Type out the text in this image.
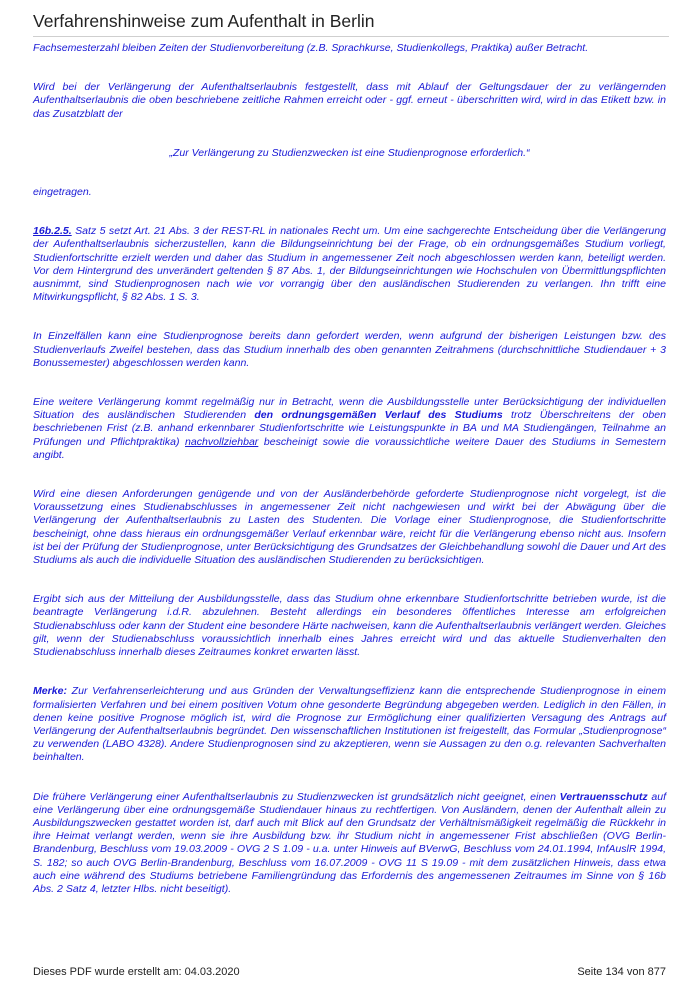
Verfahrenshinweise zum Aufenthalt in Berlin

Fachsemesterzahl bleiben Zeiten der Studienvorbereitung (z.B. Sprachkurse, Studienkollegs, Praktika) außer Betracht.

Wird bei der Verlängerung der Aufenthaltserlaubnis festgestellt, dass mit Ablauf der Geltungsdauer der zu verlängernden Aufenthaltserlaubnis die oben beschriebene zeitliche Rahmen erreicht oder - ggf. erneut - überschritten wird, wird in das Etikett bzw. in das Zusatzblatt der

„Zur Verlängerung zu Studienzwecken ist eine Studienprognose erforderlich.“

eingetragen.

16b.2.5. Satz 5 setzt Art. 21 Abs. 3 der REST-RL in nationales Recht um. Um eine sachgerechte Entscheidung über die Verlängerung der Aufenthaltserlaubnis sicherzustellen, kann die Bildungseinrichtung bei der Frage, ob ein ordnungsgemäßes Studium vorliegt, Studienfortschritte erzielt werden und daher das Studium in angemessener Zeit noch abgeschlossen werden kann, beteiligt werden. Vor dem Hintergrund des unverändert geltenden § 87 Abs. 1, der Bildungseinrichtungen wie Hochschulen von Übermittlungspflichten ausnimmt, sind Studienprognosen nach wie vor vorrangig über den ausländischen Studierenden zu verlangen. Ihn trifft eine Mitwirkungspflicht, § 82 Abs. 1 S. 3.

In Einzelfällen kann eine Studienprognose bereits dann gefordert werden, wenn aufgrund der bisherigen Leistungen bzw. des Studienverlaufs Zweifel bestehen, dass das Studium innerhalb des oben genannten Zeitrahmens (durchschnittliche Studiendauer + 3 Bonussemester) abgeschlossen werden kann.

Eine weitere Verlängerung kommt regelmäßig nur in Betracht, wenn die Ausbildungsstelle unter Berücksichtigung der individuellen Situation des ausländischen Studierenden den ordnungsgemäßen Verlauf des Studiums trotz Überschreitens der oben beschriebenen Frist (z.B. anhand erkennbarer Studienfortschritte wie Leistungspunkte in BA und MA Studiengängen, Teilnahme an Prüfungen und Pflichtpraktika) nachvollziehbar bescheinigt sowie die voraussichtliche weitere Dauer des Studiums in Semestern angibt.

Wird eine diesen Anforderungen genügende und von der Ausländerbehörde geforderte Studienprognose nicht vorgelegt, ist die Voraussetzung eines Studienabschlusses in angemessener Zeit nicht nachgewiesen und wirkt bei der Abwägung über die Verlängerung der Aufenthaltserlaubnis zu Lasten des Studenten. Die Vorlage einer Studienprognose, die Studienfortschritte bescheinigt, ohne dass hieraus ein ordnungsgemäßer Verlauf erkennbar wäre, reicht für die Verlängerung ebenso nicht aus. Insofern ist bei der Prüfung der Studienprognose, unter Berücksichtigung des Grundsatzes der Gleichbehandlung sowohl die Dauer und Art des Studiums als auch die individuelle Situation des ausländischen Studierenden zu berücksichtigen.

Ergibt sich aus der Mitteilung der Ausbildungsstelle, dass das Studium ohne erkennbare Studienfortschritte betrieben wurde, ist die beantragte Verlängerung i.d.R. abzulehnen. Besteht allerdings ein besonderes öffentliches Interesse am erfolgreichen Studienabschluss oder kann der Student eine besondere Härte nachweisen, kann die Aufenthaltserlaubnis verlängert werden. Gleiches gilt, wenn der Studienabschluss voraussichtlich innerhalb eines Jahres erreicht wird und das aktuelle Studienverhalten den Studienabschluss innerhalb dieses Zeitraumes konkret erwarten lässt.

Merke: Zur Verfahrenserleichterung und aus Gründen der Verwaltungseffizienz kann die entsprechende Studienprognose in einem formalisierten Verfahren und bei einem positiven Votum ohne gesonderte Begründung abgegeben werden. Lediglich in den Fällen, in denen keine positive Prognose möglich ist, wird die Prognose zur Ermöglichung einer qualifizierten Versagung des Antrags auf Verlängerung der Aufenthaltserlaubnis begründet. Den wissenschaftlichen Institutionen ist freigestellt, das Formular „Studienprognose“ zu verwenden (LABO 4328). Andere Studienprognosen sind zu akzeptieren, wenn sie Aussagen zu den o.g. relevanten Sachverhalten beinhalten.

Die frühere Verlängerung einer Aufenthaltserlaubnis zu Studienzwecken ist grundsätzlich nicht geeignet, einen Vertrauensschutz auf eine Verlängerung über eine ordnungsgemäße Studiendauer hinaus zu rechtfertigen. Von Ausländern, denen der Aufenthalt allein zu Ausbildungszwecken gestattet worden ist, darf auch mit Blick auf den Grundsatz der Verhältnismäßigkeit regelmäßig die Rückkehr in ihre Heimat verlangt werden, wenn sie ihre Ausbildung bzw. ihr Studium nicht in angemessener Frist abschließen (OVG Berlin-Brandenburg, Beschluss vom 19.03.2009 - OVG 2 S 1.09 - u.a. unter Hinweis auf BVerwG, Beschluss vom 24.01.1994, InfAuslR 1994, S. 182; so auch OVG Berlin-Brandenburg, Beschluss vom 16.07.2009 - OVG 11 S 19.09 - mit dem zusätzlichen Hinweis, dass etwa auch eine während des Studiums betriebene Familiengründung das Erfordernis des angemessenen Zeitraumes im Sinne von § 16b Abs. 2 Satz 4, letzter Hlbs. nicht beseitigt).

Dieses PDF wurde erstellt am: 04.03.2020	Seite 134 von 877
